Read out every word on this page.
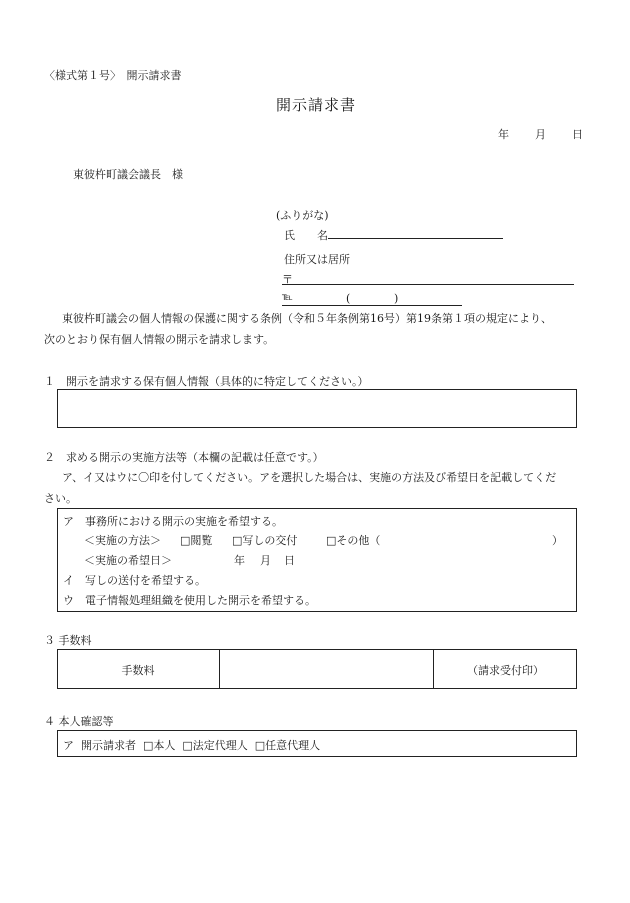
〈様式第１号〉　開示請求書
開示請求書
年 月 日
東彼杵町議会議長　様
(ふりがな)
氏　　名
住所又は居所
〒
℡	(	)
東彼杵町議会の個人情報の保護に関する条例（令和５年条例第16号）第19条第１項の規定により、
次のとおり保有個人情報の開示を請求します。
１　開示を請求する保有個人情報（具体的に特定してください。）
２　求める開示の実施方法等（本欄の記載は任意です。）
ア、イ又はウに〇印を付してください。アを選択した場合は、実施の方法及び希望日を記載してくだ
さい。
ア　事務所における開示の実施を希望する。
＜実施の方法＞ □閲覧 □写しの交付	□その他（	）
＜実施の希望日＞	年 月 日
イ　写しの送付を希望する。
ウ　電子情報処理組織を使用した開示を希望する。
３ 手数料
手数料	（請求受付印）
４ 本人確認等
ア  開示請求者  □本人  □法定代理人  □任意代理人
